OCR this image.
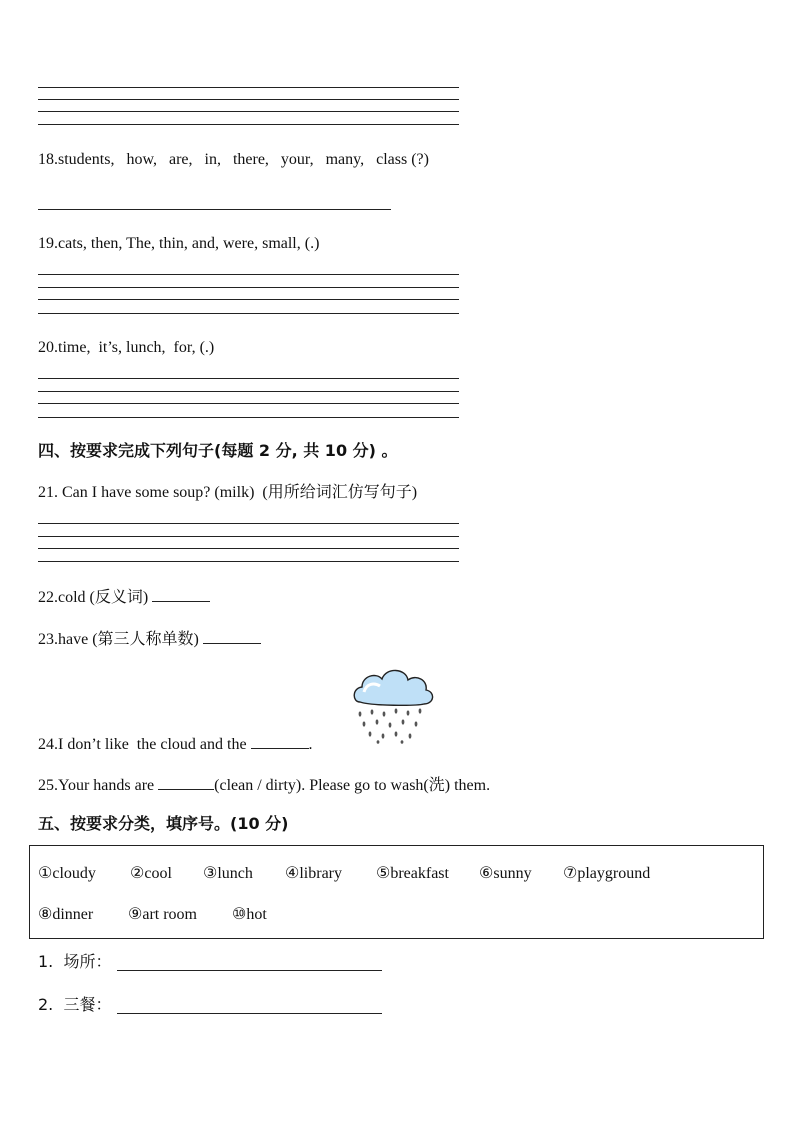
18.students,   how,   are,   in,   there,   your,   many,   class (?)
19.cats, then, The, thin, and, were, small, (.)
20.time,  it’s, lunch,  for, (.)
四、按要求完成下列句子(每题 2 分, 共 10 分) 。
21. Can I have some soup? (milk)  (用所给词汇仿写句子)
22.cold (反义词)
23.have (第三人称单数)
24.I don’t like  the cloud and the	.
25.Your hands are	(clean / dirty). Please go to wash(洗) them.
五、按要求分类，填序号。(10 分)
①cloudy ②cool ③lunch ④library ⑤breakfast ⑥sunny ⑦playground
⑧dinner ⑨art room ⑩hot
1.  场所：
2.  三餐：
